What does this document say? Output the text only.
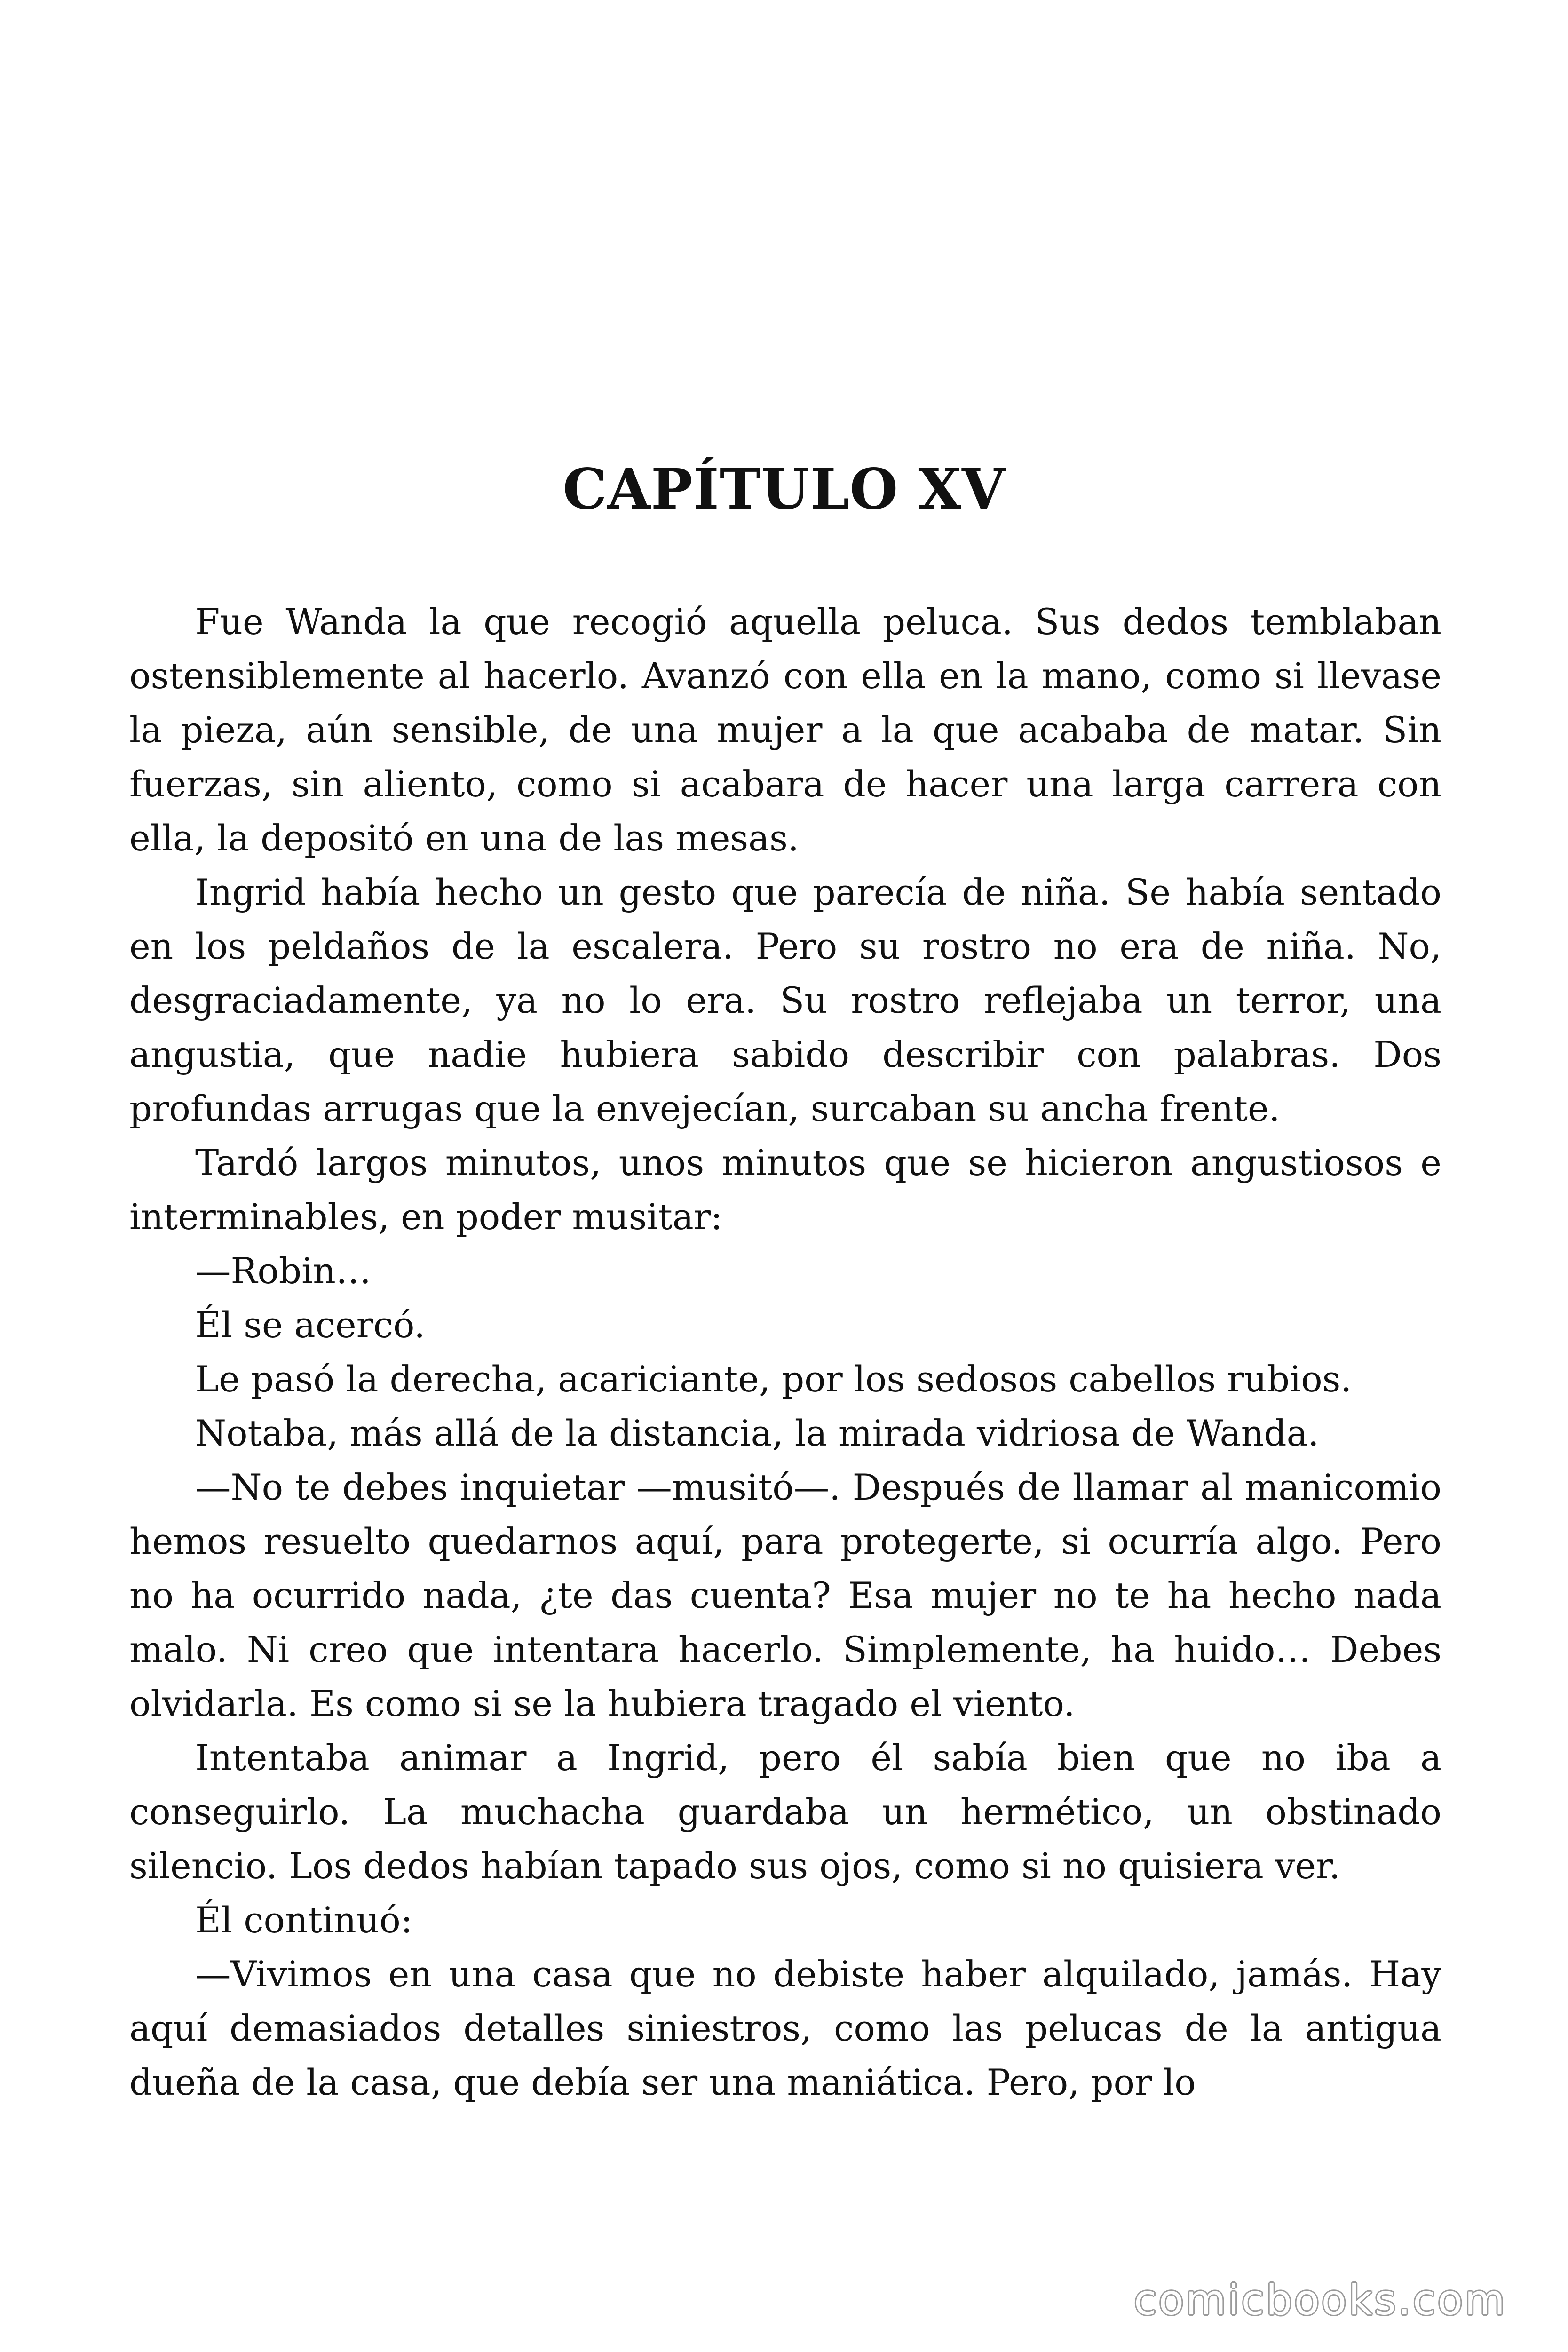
CAPÍTULO XV

Fue Wanda la que recogió aquella peluca. Sus dedos temblaban ostensiblemente al hacerlo. Avanzó con ella en la mano, como si llevase la pieza, aún sensible, de una mujer a la que acababa de matar. Sin fuerzas, sin aliento, como si acabara de hacer una larga carrera con ella, la depositó en una de las mesas.

Ingrid había hecho un gesto que parecía de niña. Se había sentado en los peldaños de la escalera. Pero su rostro no era de niña. No, desgraciadamente, ya no lo era. Su rostro reflejaba un terror, una angustia, que nadie hubiera sabido describir con palabras. Dos profundas arrugas que la envejecían, surcaban su ancha frente.

Tardó largos minutos, unos minutos que se hicieron angustiosos e interminables, en poder musitar:

—Robin…

Él se acercó.

Le pasó la derecha, acariciante, por los sedosos cabellos rubios.

Notaba, más allá de la distancia, la mirada vidriosa de Wanda.

—No te debes inquietar —musitó—. Después de llamar al manicomio hemos resuelto quedarnos aquí, para protegerte, si ocurría algo. Pero no ha ocurrido nada, ¿te das cuenta? Esa mujer no te ha hecho nada malo. Ni creo que intentara hacerlo. Simplemente, ha huido… Debes olvidarla. Es como si se la hubiera tragado el viento.

Intentaba animar a Ingrid, pero él sabía bien que no iba a conseguirlo. La muchacha guardaba un hermético, un obstinado silencio. Los dedos habían tapado sus ojos, como si no quisiera ver.

Él continuó:

—Vivimos en una casa que no debiste haber alquilado, jamás. Hay aquí demasiados detalles siniestros, como las pelucas de la antigua dueña de la casa, que debía ser una maniática. Pero, por lo

comicbooks.com
